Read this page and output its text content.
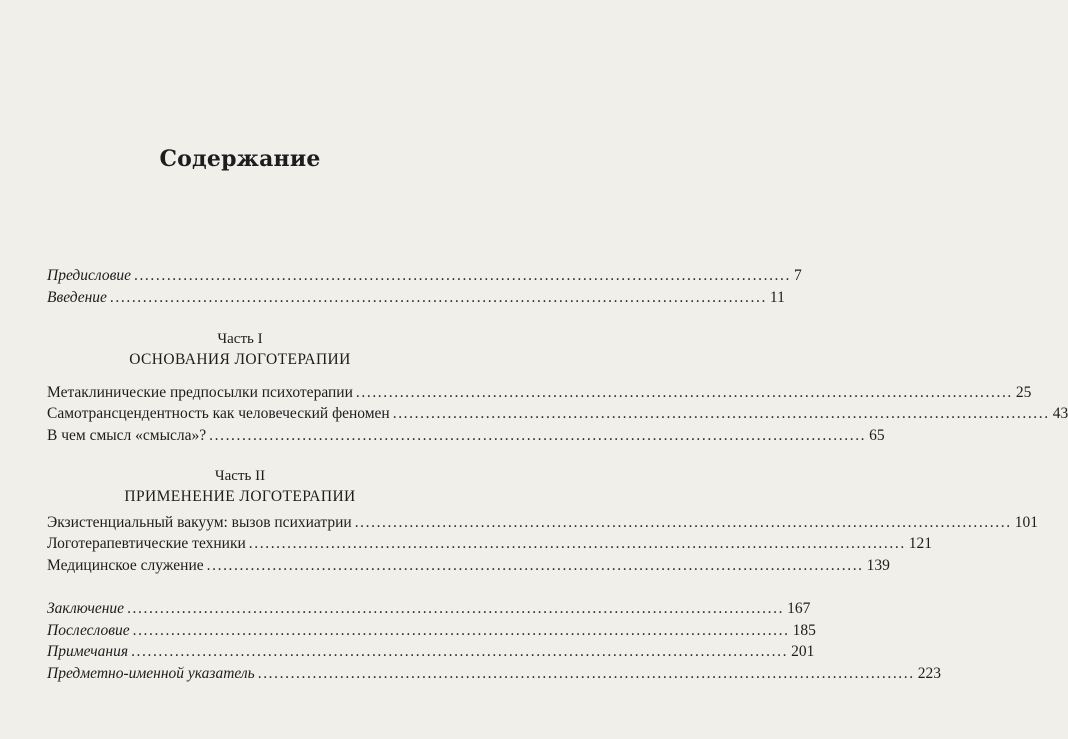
Содержание
Предисловие ........................................................................................................................ 7
Введение ........................................................................................................................ 11
Часть I
ОСНОВАНИЯ ЛОГОТЕРАПИИ
Метаклинические предпосылки психотерапии ........................................................................................................................ 25
Самотрансцендентность как человеческий феномен ........................................................................................................................ 43
В чем смысл «смысла»? ........................................................................................................................ 65
Часть II
ПРИМЕНЕНИЕ ЛОГОТЕРАПИИ
Экзистенциальный вакуум: вызов психиатрии ........................................................................................................................ 101
Логотерапевтические техники ........................................................................................................................ 121
Медицинское служение ........................................................................................................................ 139
Заключение ........................................................................................................................ 167
Послесловие ........................................................................................................................ 185
Примечания ........................................................................................................................ 201
Предметно-именной указатель ........................................................................................................................ 223
